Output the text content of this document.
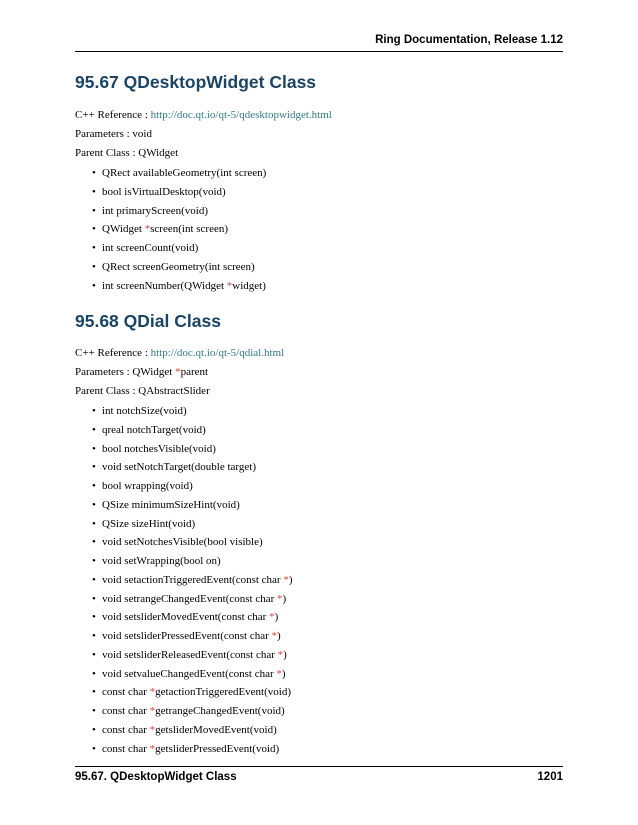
Ring Documentation, Release 1.12
95.67 QDesktopWidget Class
C++ Reference : http://doc.qt.io/qt-5/qdesktopwidget.html
Parameters : void
Parent Class : QWidget
• QRect availableGeometry(int screen)
• bool isVirtualDesktop(void)
• int primaryScreen(void)
• QWidget *screen(int screen)
• int screenCount(void)
• QRect screenGeometry(int screen)
• int screenNumber(QWidget *widget)
95.68 QDial Class
C++ Reference : http://doc.qt.io/qt-5/qdial.html
Parameters : QWidget *parent
Parent Class : QAbstractSlider
• int notchSize(void)
• qreal notchTarget(void)
• bool notchesVisible(void)
• void setNotchTarget(double target)
• bool wrapping(void)
• QSize minimumSizeHint(void)
• QSize sizeHint(void)
• void setNotchesVisible(bool visible)
• void setWrapping(bool on)
• void setactionTriggeredEvent(const char *)
• void setrangeChangedEvent(const char *)
• void setsliderMovedEvent(const char *)
• void setsliderPressedEvent(const char *)
• void setsliderReleasedEvent(const char *)
• void setvalueChangedEvent(const char *)
• const char *getactionTriggeredEvent(void)
• const char *getrangeChangedEvent(void)
• const char *getsliderMovedEvent(void)
• const char *getsliderPressedEvent(void)
95.67. QDesktopWidget Class	1201
